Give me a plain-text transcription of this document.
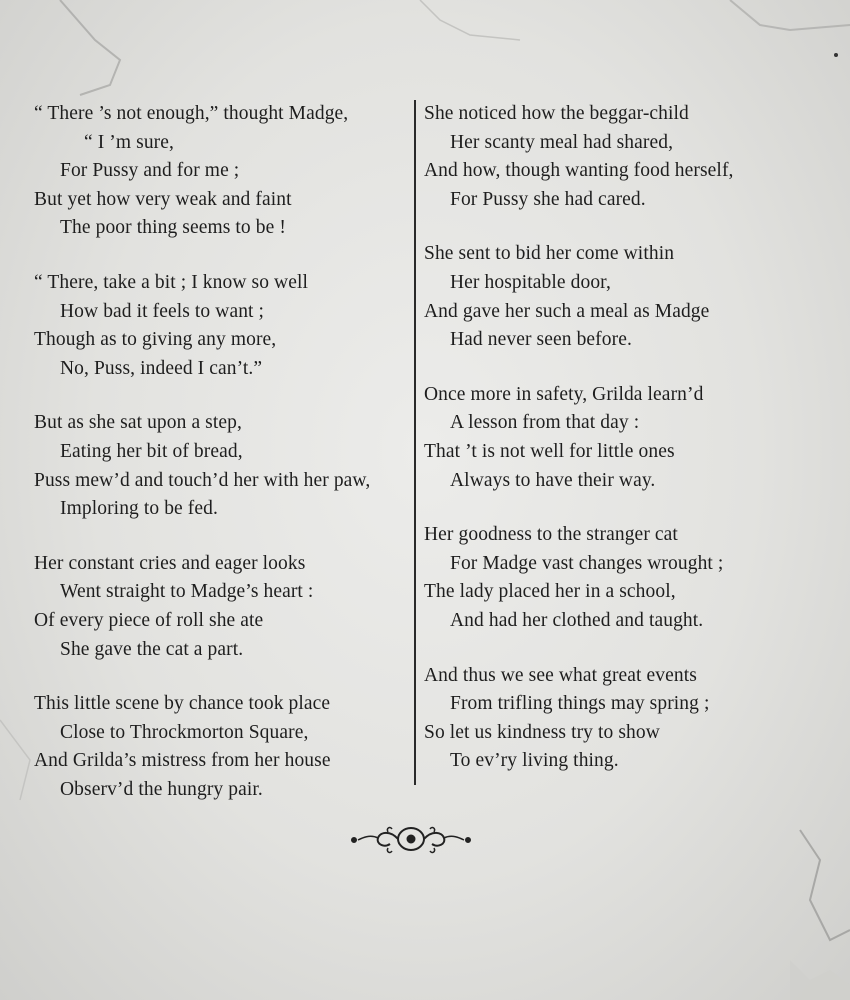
“ There ’s not enough,” thought Madge,
“ I ’m sure,
For Pussy and for me ;
But yet how very weak and faint
The poor thing seems to be !
“ There, take a bit ; I know so well
How bad it feels to want ;
Though as to giving any more,
No, Puss, indeed I can’t.”
But as she sat upon a step,
Eating her bit of bread,
Puss mew’d and touch’d her with her paw,
Imploring to be fed.
Her constant cries and eager looks
Went straight to Madge’s heart :
Of every piece of roll she ate
She gave the cat a part.
This little scene by chance took place
Close to Throckmorton Square,
And Grilda’s mistress from her house
Observ’d the hungry pair.
She noticed how the beggar-child
Her scanty meal had shared,
And how, though wanting food herself,
For Pussy she had cared.
She sent to bid her come within
Her hospitable door,
And gave her such a meal as Madge
Had never seen before.
Once more in safety, Grilda learn’d
A lesson from that day :
That ’t is not well for little ones
Always to have their way.
Her goodness to the stranger cat
For Madge vast changes wrought ;
The lady placed her in a school,
And had her clothed and taught.
And thus we see what great events
From trifling things may spring ;
So let us kindness try to show
To ev’ry living thing.
